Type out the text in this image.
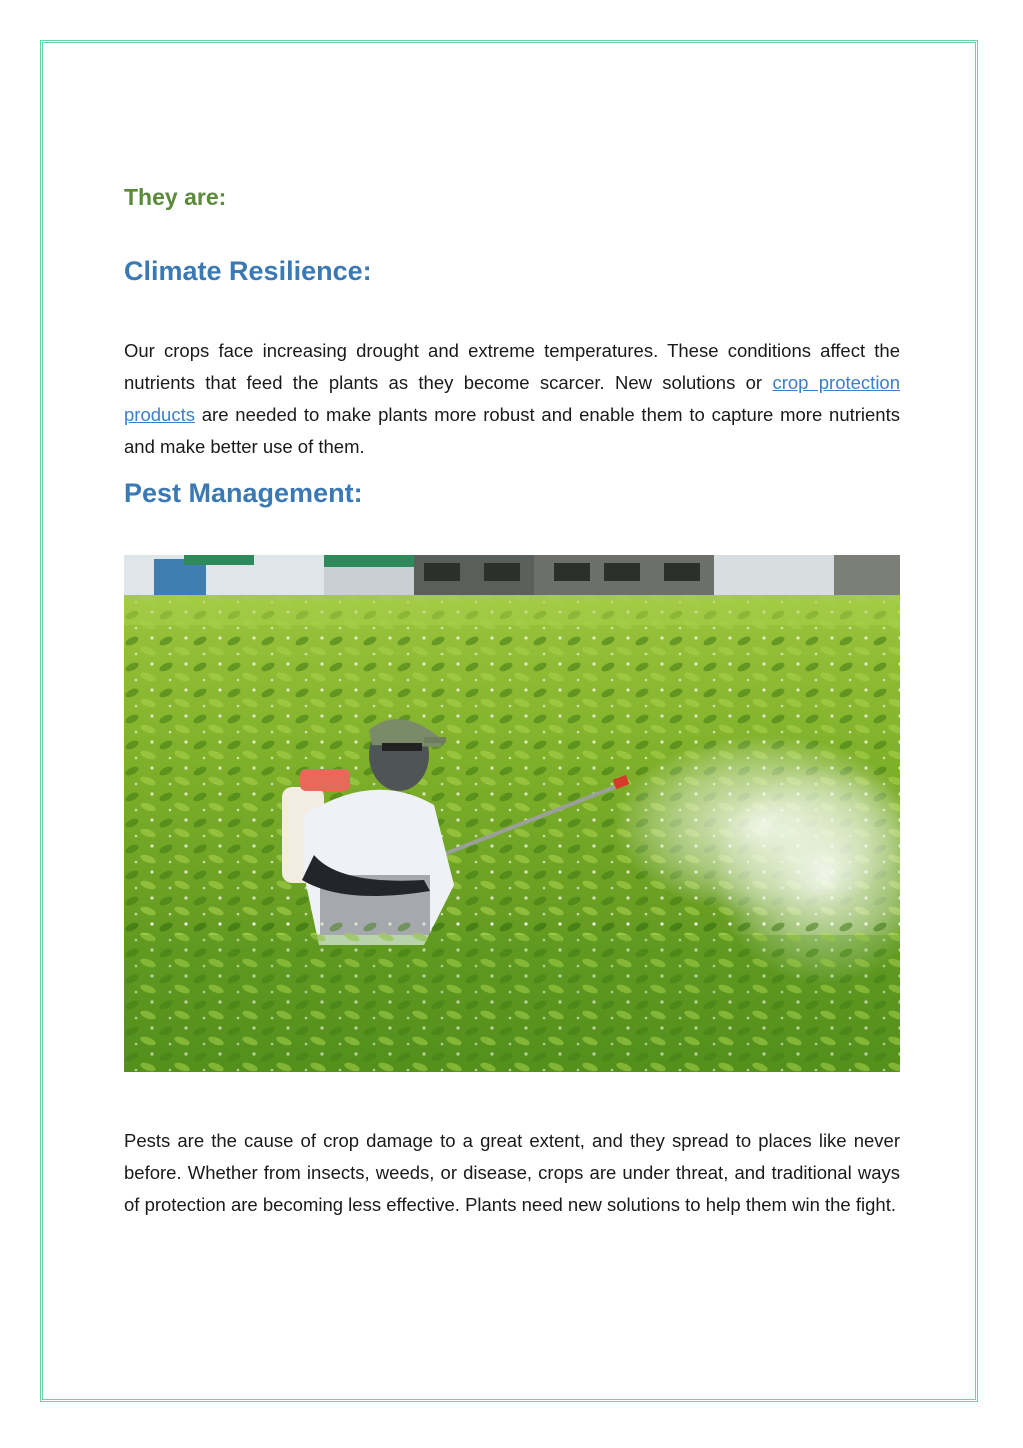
They are:

Climate Resilience:

Our crops face increasing drought and extreme temperatures. These conditions affect the nutrients that feed the plants as they become scarcer. New solutions or crop protection products are needed to make plants more robust and enable them to capture more nutrients and make better use of them.

Pest Management:

Pests are the cause of crop damage to a great extent, and they spread to places like never before. Whether from insects, weeds, or disease, crops are under threat, and traditional ways of protection are becoming less effective. Plants need new solutions to help them win the fight.
